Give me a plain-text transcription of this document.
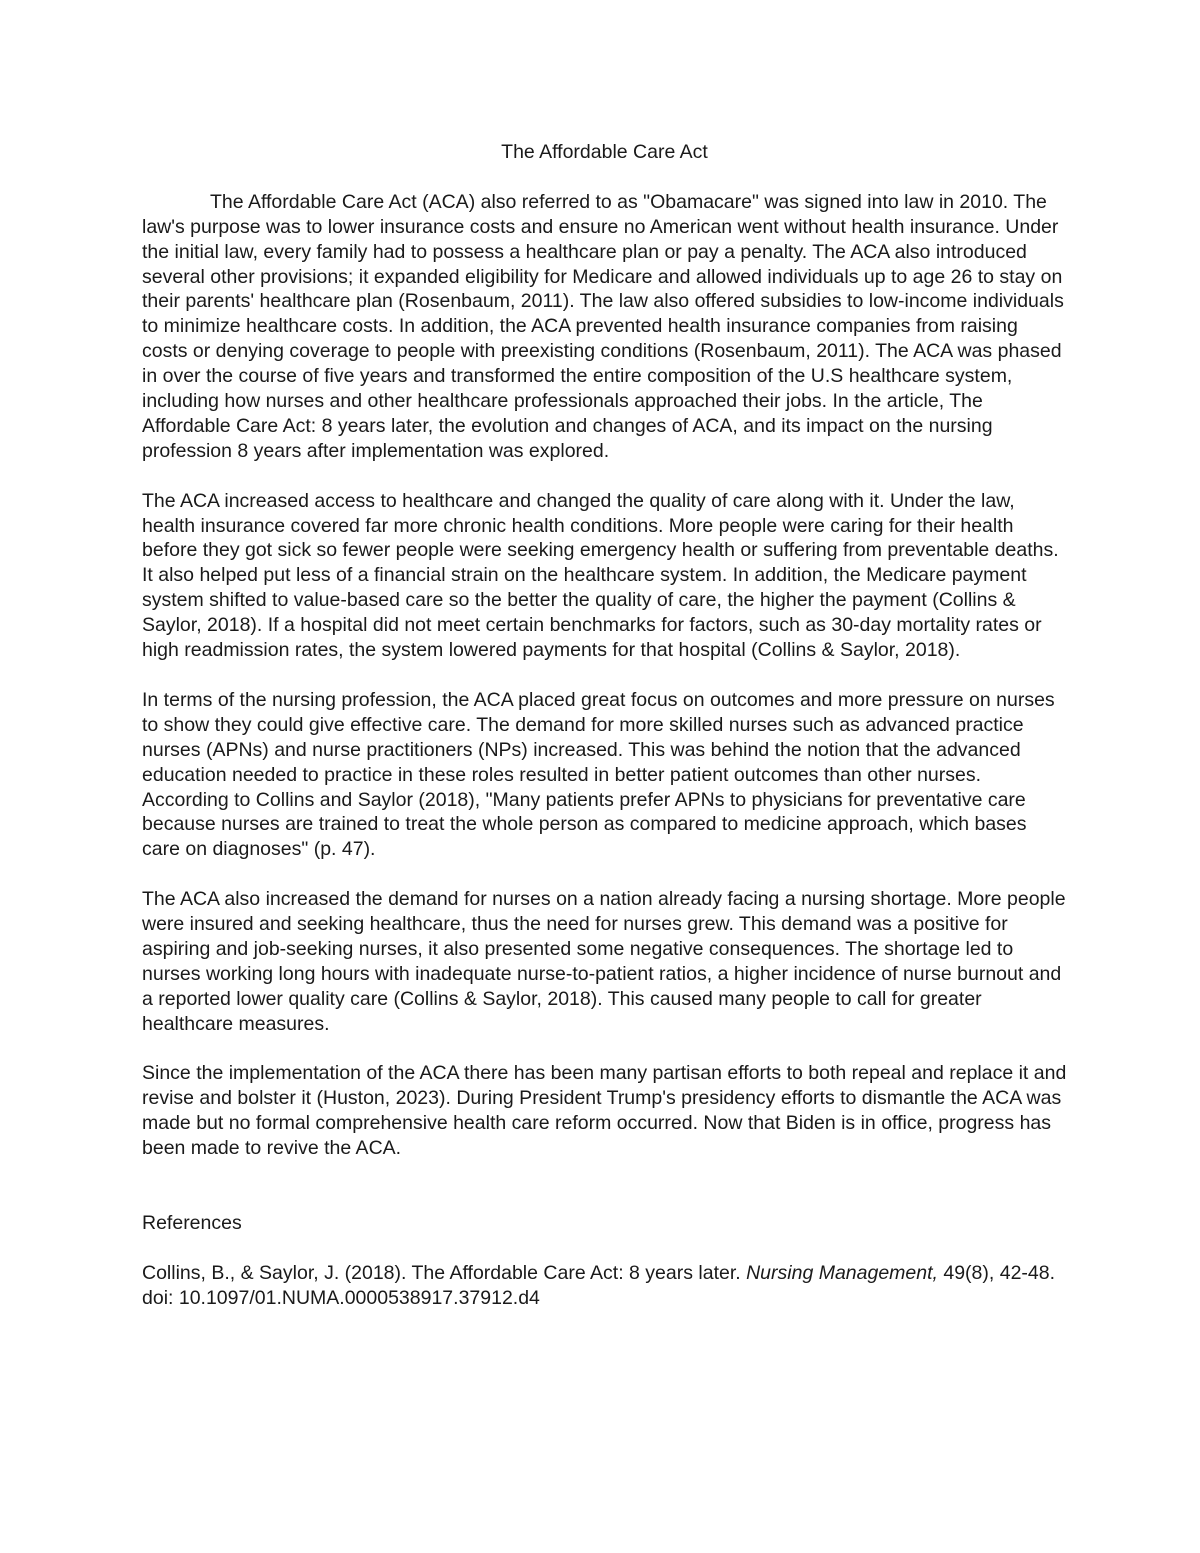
The Affordable Care Act

The Affordable Care Act (ACA) also referred to as "Obamacare" was signed into law in 2010. The law's purpose was to lower insurance costs and ensure no American went without health insurance. Under the initial law, every family had to possess a healthcare plan or pay a penalty. The ACA also introduced several other provisions; it expanded eligibility for Medicare and allowed individuals up to age 26 to stay on their parents' healthcare plan (Rosenbaum, 2011). The law also offered subsidies to low-income individuals to minimize healthcare costs. In addition, the ACA prevented health insurance companies from raising costs or denying coverage to people with preexisting conditions (Rosenbaum, 2011). The ACA was phased in over the course of five years and transformed the entire composition of the U.S healthcare system, including how nurses and other healthcare professionals approached their jobs. In the article, The Affordable Care Act: 8 years later, the evolution and changes of ACA, and its impact on the nursing profession 8 years after implementation was explored.

The ACA increased access to healthcare and changed the quality of care along with it. Under the law, health insurance covered far more chronic health conditions. More people were caring for their health before they got sick so fewer people were seeking emergency health or suffering from preventable deaths. It also helped put less of a financial strain on the healthcare system. In addition, the Medicare payment system shifted to value-based care so the better the quality of care, the higher the payment (Collins & Saylor, 2018). If a hospital did not meet certain benchmarks for factors, such as 30-day mortality rates or high readmission rates, the system lowered payments for that hospital (Collins & Saylor, 2018).

In terms of the nursing profession, the ACA placed great focus on outcomes and more pressure on nurses to show they could give effective care. The demand for more skilled nurses such as advanced practice nurses (APNs) and nurse practitioners (NPs) increased. This was behind the notion that the advanced education needed to practice in these roles resulted in better patient outcomes than other nurses. According to Collins and Saylor (2018), "Many patients prefer APNs to physicians for preventative care because nurses are trained to treat the whole person as compared to medicine approach, which bases care on diagnoses" (p. 47).

The ACA also increased the demand for nurses on a nation already facing a nursing shortage. More people were insured and seeking healthcare, thus the need for nurses grew. This demand was a positive for aspiring and job-seeking nurses, it also presented some negative consequences. The shortage led to nurses working long hours with inadequate nurse-to-patient ratios, a higher incidence of nurse burnout and a reported lower quality care (Collins & Saylor, 2018). This caused many people to call for greater healthcare measures.

Since the implementation of the ACA there has been many partisan efforts to both repeal and replace it and revise and bolster it (Huston, 2023). During President Trump's presidency efforts to dismantle the ACA was made but no formal comprehensive health care reform occurred. Now that Biden is in office, progress has been made to revive the ACA.

References

Collins, B., & Saylor, J. (2018). The Affordable Care Act: 8 years later. Nursing Management, 49(8), 42-48. doi: 10.1097/01.NUMA.0000538917.37912.d4
